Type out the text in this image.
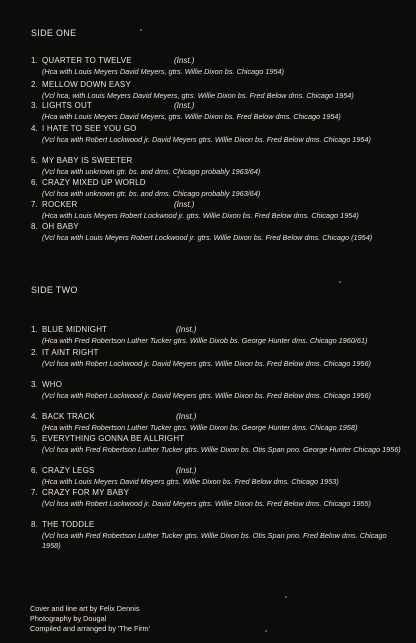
SIDE ONE
1. QUARTER TO TWELVE	(Inst.)
(Hca with Louis Meyers David Meyers, gtrs. Willie Dixon bs. Chicago 1954)
2. MELLOW DOWN EASY
(Vcl hca, with Louis Meyers David Meyers, gtrs. Willie Dixon bs. Fred Below dms. Chicago 1954)
3. LIGHTS OUT	(Inst.)
(Hca with Louis Meyers David Meyers, gtrs. Willie Dixon bs. Fred Below dms. Chicago 1954)
4. I HATE TO SEE YOU GO
(Vcl hca with Robert Lockwood jr. David Meyers gtrs. Willie Dixon bs. Fred Below dms. Chicago 1954)
5. MY BABY IS SWEETER
(Vcl hca with unknown gtr. bs. and dms. Chicago probably 1963/64)
6. CRAZY MIXED UP WORLD
(Vcl hca with unknown gtr. bs. and dms. Chicago probably 1963/64)
7. ROCKER	(Inst.)
(Hca with Louis Meyers Robert Lockwood jr. gtrs. Willie Dixon bs. Fred Below dms. Chicago 1954)
8. OH BABY
(Vcl hca with Louis Meyers Robert Lockwood jr. gtrs. Willie Dixon bs. Fred Below dms. Chicago (1954)
SIDE TWO
1. BLUE MIDNIGHT	(Inst.)
(Hca with Fred Robertson Luther Tucker gtrs. Willie Dixob bs. George Hunter dms. Chicago 1960/61)
2. IT AINT RIGHT
(Vcl hca with Robert Lockwood jr. David Meyers gtrs. Willie Dixon bs. Fred Below dms. Chicago 1956)
3. WHO
(Vcl hca with Robert Lockwood jr. David Meyers gtrs. Willie Dixon bs. Fred Below dms. Chicago 1956)
4. BACK TRACK	(Inst.)
(Hca with Fred Robertson Luther Tucker gtrs. Willie Dixon bs. George Hunter dms. Chicago 1958)
5. EVERYTHING GONNA BE ALLRIGHT
(Vcl hca with Fred Robertson Luther Tucker gtrs. Willie Dixon bs. Otis Span pno. George Hunter Chicago 1956)
6. CRAZY LEGS	(Inst.)
(Hca with Louis Meyers David Meyers gtrs. Willie Dixon bs. Fred Below dms. Chicago 1953)
7. CRAZY FOR MY BABY
(Vcl hca with Robert Lockwood jr. David Meyers gtrs. Willie Dixon bs. Fred Below dms. Chicago 1955)
8. THE TODDLE
(Vcl hca with Fred Robertson Luther Tucker gtrs. Willie Dixon bs. Otis Span pno. Fred Below dms. Chicago 1958)
Cover and line art by Felix Dennis
Photography by Dougal
Compiled and arranged by 'The Firm'
